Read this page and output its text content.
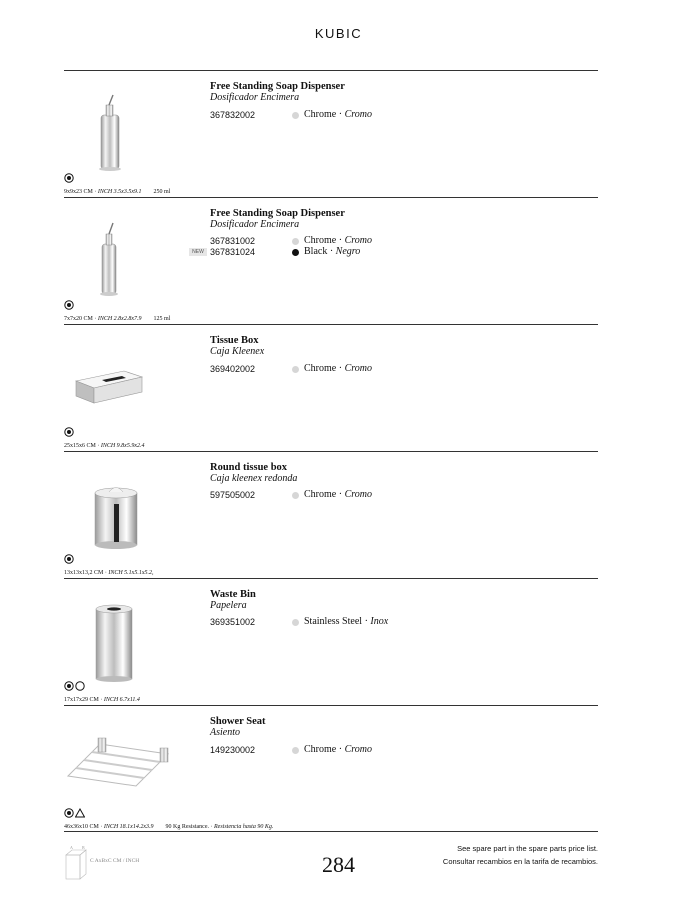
KUBIC
Free Standing Soap Dispenser
Dosificador Encimera
367832002	Chrome · Cromo
9x9x23 CM · INCH 3.5x3.5x9.1 250 ml
Free Standing Soap Dispenser
Dosificador Encimera
367831002	Chrome · Cromo
NEW 367831024	Black · Negro
7x7x20 CM · INCH 2.8x2.8x7.9 125 ml
Tissue Box
Caja Kleenex
369402002	Chrome · Cromo
25x15x6 CM · INCH 9.8x5.9x2.4
Round tissue box
Caja kleenex redonda
597505002	Chrome · Cromo
13x13x13,2 CM · INCH 5.1x5.1x5.2,
Waste Bin
Papelera
369351002	Stainless Steel · Inox
17x17x29 CM · INCH 6.7x11.4
Shower Seat
Asiento
149230002	Chrome · Cromo
46x36x10 CM · INCH 18.1x14.2x3.9 90 Kg Resistance. · Resistencia hasta 90 Kg.
A B
C AxBxC CM / INCH
See spare part in the spare parts price list.
Consultar recambios en la tarifa de recambios.
284
